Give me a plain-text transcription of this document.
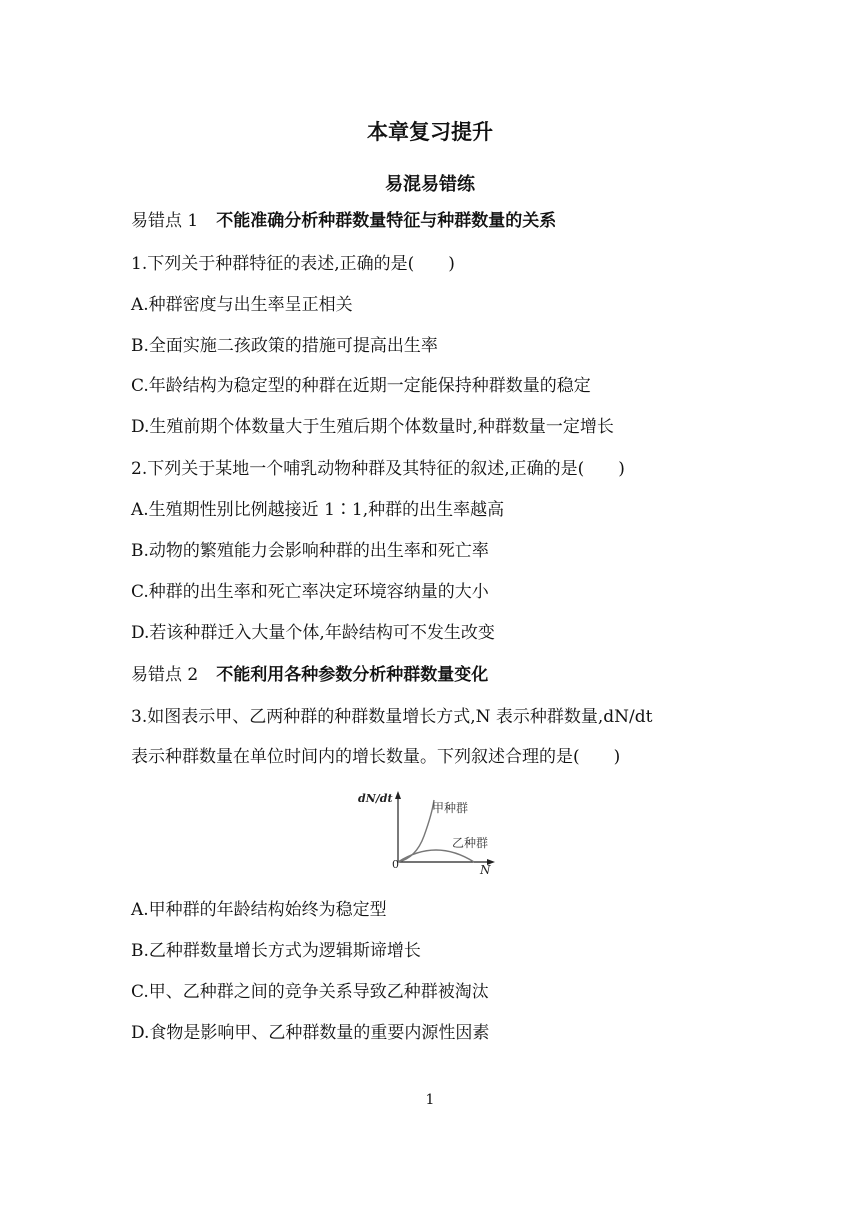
本章复习提升
易混易错练
易错点 1 不能准确分析种群数量特征与种群数量的关系
1.下列关于种群特征的表述,正确的是(　　)
A.种群密度与出生率呈正相关
B.全面实施二孩政策的措施可提高出生率
C.年龄结构为稳定型的种群在近期一定能保持种群数量的稳定
D.生殖前期个体数量大于生殖后期个体数量时,种群数量一定增长
2.下列关于某地一个哺乳动物种群及其特征的叙述,正确的是(　　)
A.生殖期性别比例越接近 1∶1,种群的出生率越高
B.动物的繁殖能力会影响种群的出生率和死亡率
C.种群的出生率和死亡率决定环境容纳量的大小
D.若该种群迁入大量个体,年龄结构可不发生改变
易错点 2 不能利用各种参数分析种群数量变化
3.如图表示甲、乙两种群的种群数量增长方式,N 表示种群数量,dN/dt
表示种群数量在单位时间内的增长数量。下列叙述合理的是(　　)
dN/dt
0	N
甲种群
乙种群
A.甲种群的年龄结构始终为稳定型
B.乙种群数量增长方式为逻辑斯谛增长
C.甲、乙种群之间的竞争关系导致乙种群被淘汰
D.食物是影响甲、乙种群数量的重要内源性因素
1
